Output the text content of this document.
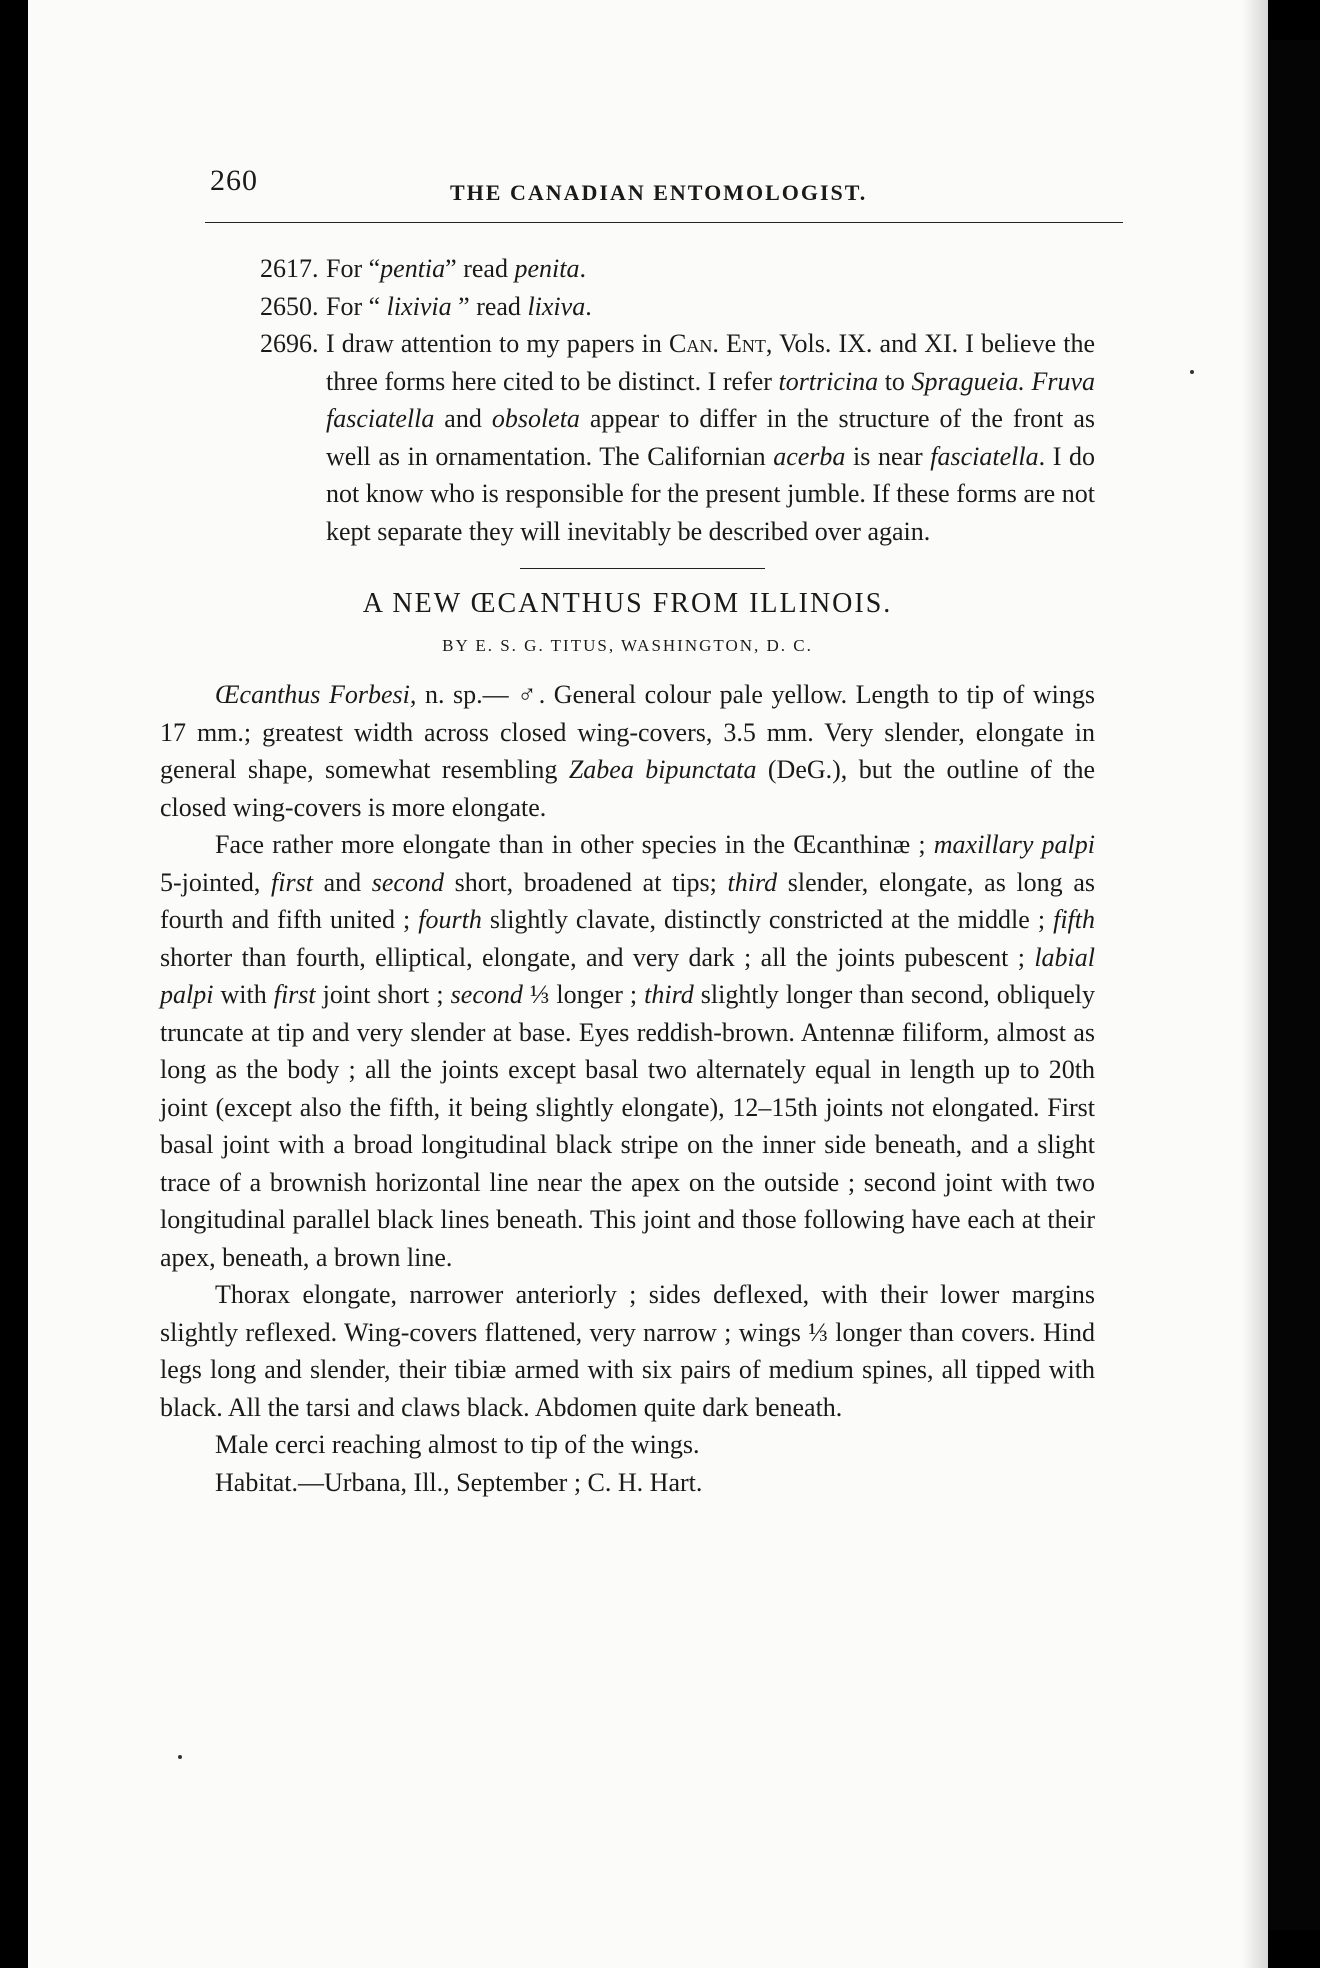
260	THE CANADIAN ENTOMOLOGIST.

2617. For “pentia” read penita.

2650. For “ lixivia ” read lixiva.

2696. I draw attention to my papers in Can. Ent, Vols. IX. and XI. I believe the three forms here cited to be distinct. I refer tortricina to Spragueia. Fruva fasciatella and obsoleta appear to differ in the structure of the front as well as in ornamentation. The Californian acerba is near fasciatella. I do not know who is responsible for the present jumble. If these forms are not kept separate they will inevitably be described over again.

A NEW ŒCANTHUS FROM ILLINOIS.
BY E. S. G. TITUS, WASHINGTON, D. C.

Œcanthus Forbesi, n. sp.— ♂. General colour pale yellow. Length to tip of wings 17 mm.; greatest width across closed wing-covers, 3.5 mm. Very slender, elongate in general shape, somewhat resembling Zabea bipunctata (DeG.), but the outline of the closed wing-covers is more elongate.

Face rather more elongate than in other species in the Œcanthinæ ; maxillary palpi 5-jointed, first and second short, broadened at tips; third slender, elongate, as long as fourth and fifth united ; fourth slightly clavate, distinctly constricted at the middle ; fifth shorter than fourth, elliptical, elongate, and very dark ; all the joints pubescent ; labial palpi with first joint short ; second ⅓ longer ; third slightly longer than second, obliquely truncate at tip and very slender at base. Eyes reddish-brown. Antennæ filiform, almost as long as the body ; all the joints except basal two alternately equal in length up to 20th joint (except also the fifth, it being slightly elongate), 12–15th joints not elongated. First basal joint with a broad longitudinal black stripe on the inner side beneath, and a slight trace of a brownish horizontal line near the apex on the outside ; second joint with two longitudinal parallel black lines beneath. This joint and those following have each at their apex, beneath, a brown line.

Thorax elongate, narrower anteriorly ; sides deflexed, with their lower margins slightly reflexed. Wing-covers flattened, very narrow ; wings ⅓ longer than covers. Hind legs long and slender, their tibiæ armed with six pairs of medium spines, all tipped with black. All the tarsi and claws black. Abdomen quite dark beneath.

Male cerci reaching almost to tip of the wings.

Habitat.—Urbana, Ill., September ; C. H. Hart.
